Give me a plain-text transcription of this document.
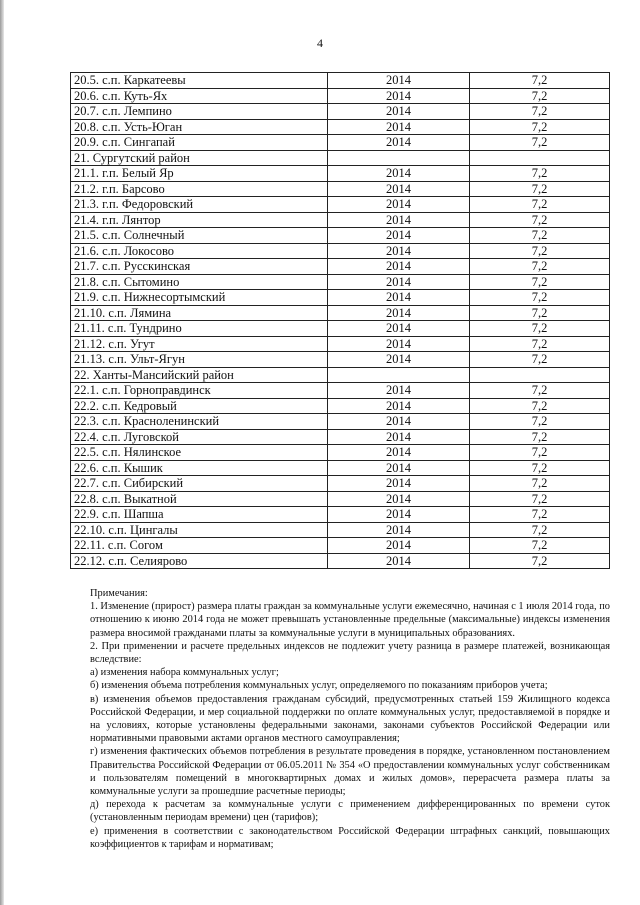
4
20.5. с.п. Каркатеевы	2014	7,2
20.6. с.п. Куть-Ях	2014	7,2
20.7. с.п. Лемпино	2014	7,2
20.8. с.п. Усть-Юган	2014	7,2
20.9. с.п. Сингапай	2014	7,2
21. Сургутский район		
21.1. г.п. Белый Яр	2014	7,2
21.2. г.п. Барсово	2014	7,2
21.3. г.п. Федоровский	2014	7,2
21.4. г.п. Лянтор	2014	7,2
21.5. с.п. Солнечный	2014	7,2
21.6. с.п. Локосово	2014	7,2
21.7. с.п. Русскинская	2014	7,2
21.8. с.п. Сытомино	2014	7,2
21.9. с.п. Нижнесортымский	2014	7,2
21.10. с.п. Лямина	2014	7,2
21.11. с.п. Тундрино	2014	7,2
21.12. с.п. Угут	2014	7,2
21.13. с.п. Ульт-Ягун	2014	7,2
22. Ханты-Мансийский район		
22.1. с.п. Горноправдинск	2014	7,2
22.2. с.п. Кедровый	2014	7,2
22.3. с.п. Красноленинский	2014	7,2
22.4. с.п. Луговской	2014	7,2
22.5. с.п. Нялинское	2014	7,2
22.6. с.п. Кышик	2014	7,2
22.7. с.п. Сибирский	2014	7,2
22.8. с.п. Выкатной	2014	7,2
22.9. с.п. Шапша	2014	7,2
22.10. с.п. Цингалы	2014	7,2
22.11. с.п. Согом	2014	7,2
22.12. с.п. Селиярово	2014	7,2

Примечания:

1. Изменение (прирост) размера платы граждан за коммунальные услуги ежемесячно, начиная с 1 июля 2014 года, по отношению к июню 2014 года не может превышать установленные предельные (максимальные) индексы изменения размера вносимой гражданами платы за коммунальные услуги в муниципальных образованиях.

2. При применении и расчете предельных индексов не подлежит учету разница в размере платежей, возникающая вследствие:

а) изменения набора коммунальных услуг;

б) изменения объема потребления коммунальных услуг, определяемого по показаниям приборов учета;

в) изменения объемов предоставления гражданам субсидий, предусмотренных статьей 159 Жилищного кодекса Российской Федерации, и мер социальной поддержки по оплате коммунальных услуг, предоставляемой в порядке и на условиях, которые установлены федеральными законами, законами субъектов Российской Федерации или нормативными правовыми актами органов местного самоуправления;

г) изменения фактических объемов потребления в результате проведения в порядке, установленном постановлением Правительства Российской Федерации от 06.05.2011 № 354 «О предоставлении коммунальных услуг собственникам и пользователям помещений в многоквартирных домах и жилых домов», перерасчета размера платы за коммунальные услуги за прошедшие расчетные периоды;

д) перехода к расчетам за коммунальные услуги с применением дифференцированных по времени суток (установленным периодам времени) цен (тарифов);

е) применения в соответствии с законодательством Российской Федерации штрафных санкций, повышающих коэффициентов к тарифам и нормативам;
